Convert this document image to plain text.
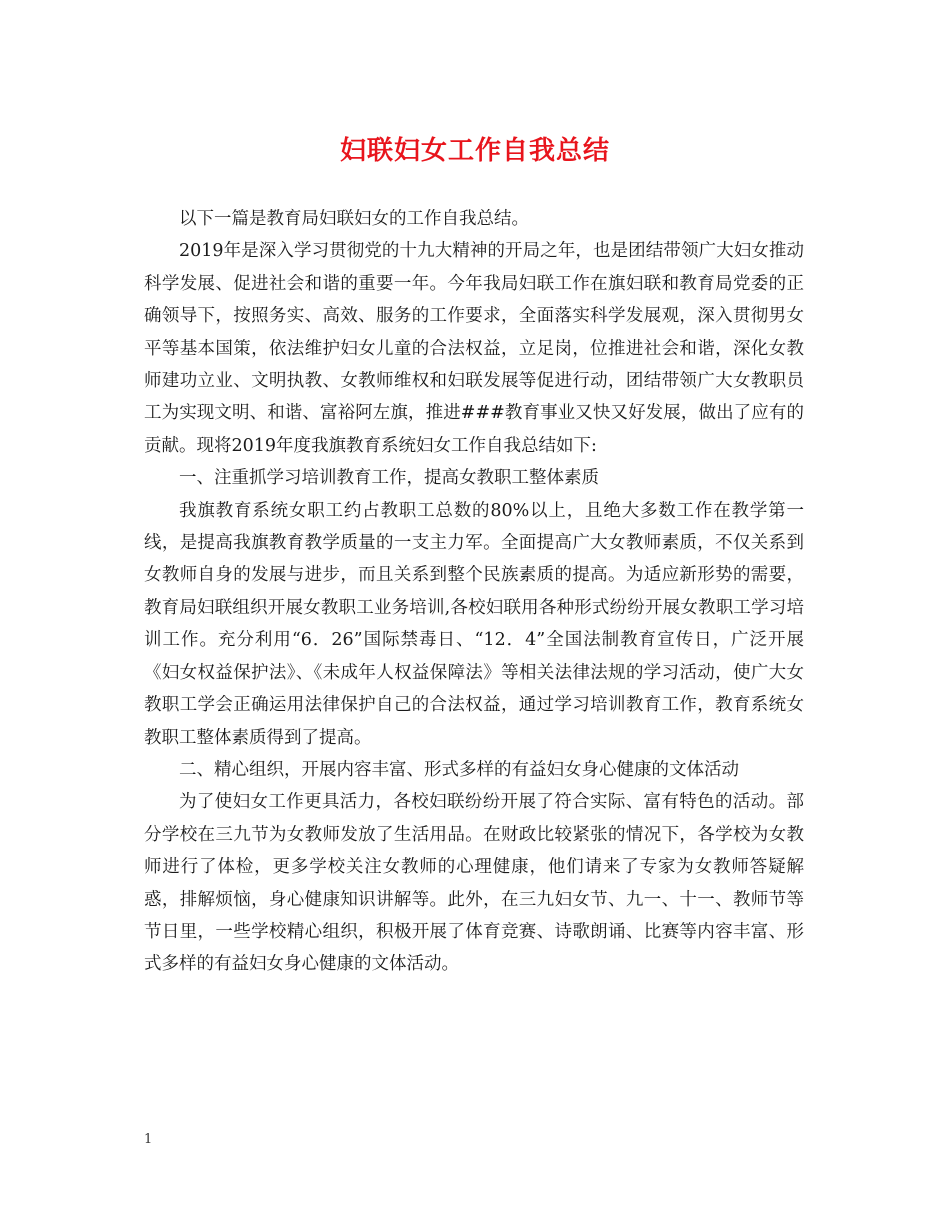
妇联妇女工作自我总结

以下一篇是教育局妇联妇女的工作自我总结。

2019年是深入学习贯彻党的十九大精神的开局之年，也是团结带领广大妇女推动科学发展、促进社会和谐的重要一年。今年我局妇联工作在旗妇联和教育局党委的正确领导下，按照务实、高效、服务的工作要求，全面落实科学发展观，深入贯彻男女平等基本国策，依法维护妇女儿童的合法权益，立足岗，位推进社会和谐，深化女教师建功立业、文明执教、女教师维权和妇联发展等促进行动，团结带领广大女教职员工为实现文明、和谐、富裕阿左旗，推进###教育事业又快又好发展，做出了应有的贡献。现将2019年度我旗教育系统妇女工作自我总结如下:

一、注重抓学习培训教育工作，提高女教职工整体素质

我旗教育系统女职工约占教职工总数的80%以上，且绝大多数工作在教学第一线，是提高我旗教育教学质量的一支主力军。全面提高广大女教师素质，不仅关系到女教师自身的发展与进步，而且关系到整个民族素质的提高。为适应新形势的需要，教育局妇联组织开展女教职工业务培训,各校妇联用各种形式纷纷开展女教职工学习培训工作。充分利用“6．26”国际禁毒日、“12．4”全国法制教育宣传日，广泛开展《妇女权益保护法》、《未成年人权益保障法》等相关法律法规的学习活动，使广大女教职工学会正确运用法律保护自己的合法权益，通过学习培训教育工作，教育系统女教职工整体素质得到了提高。

二、精心组织，开展内容丰富、形式多样的有益妇女身心健康的文体活动

为了使妇女工作更具活力，各校妇联纷纷开展了符合实际、富有特色的活动。部分学校在三九节为女教师发放了生活用品。在财政比较紧张的情况下，各学校为女教师进行了体检，更多学校关注女教师的心理健康，他们请来了专家为女教师答疑解惑，排解烦恼，身心健康知识讲解等。此外，在三九妇女节、九一、十一、教师节等节日里，一些学校精心组织，积极开展了体育竞赛、诗歌朗诵、比赛等内容丰富、形式多样的有益妇女身心健康的文体活动。

1
